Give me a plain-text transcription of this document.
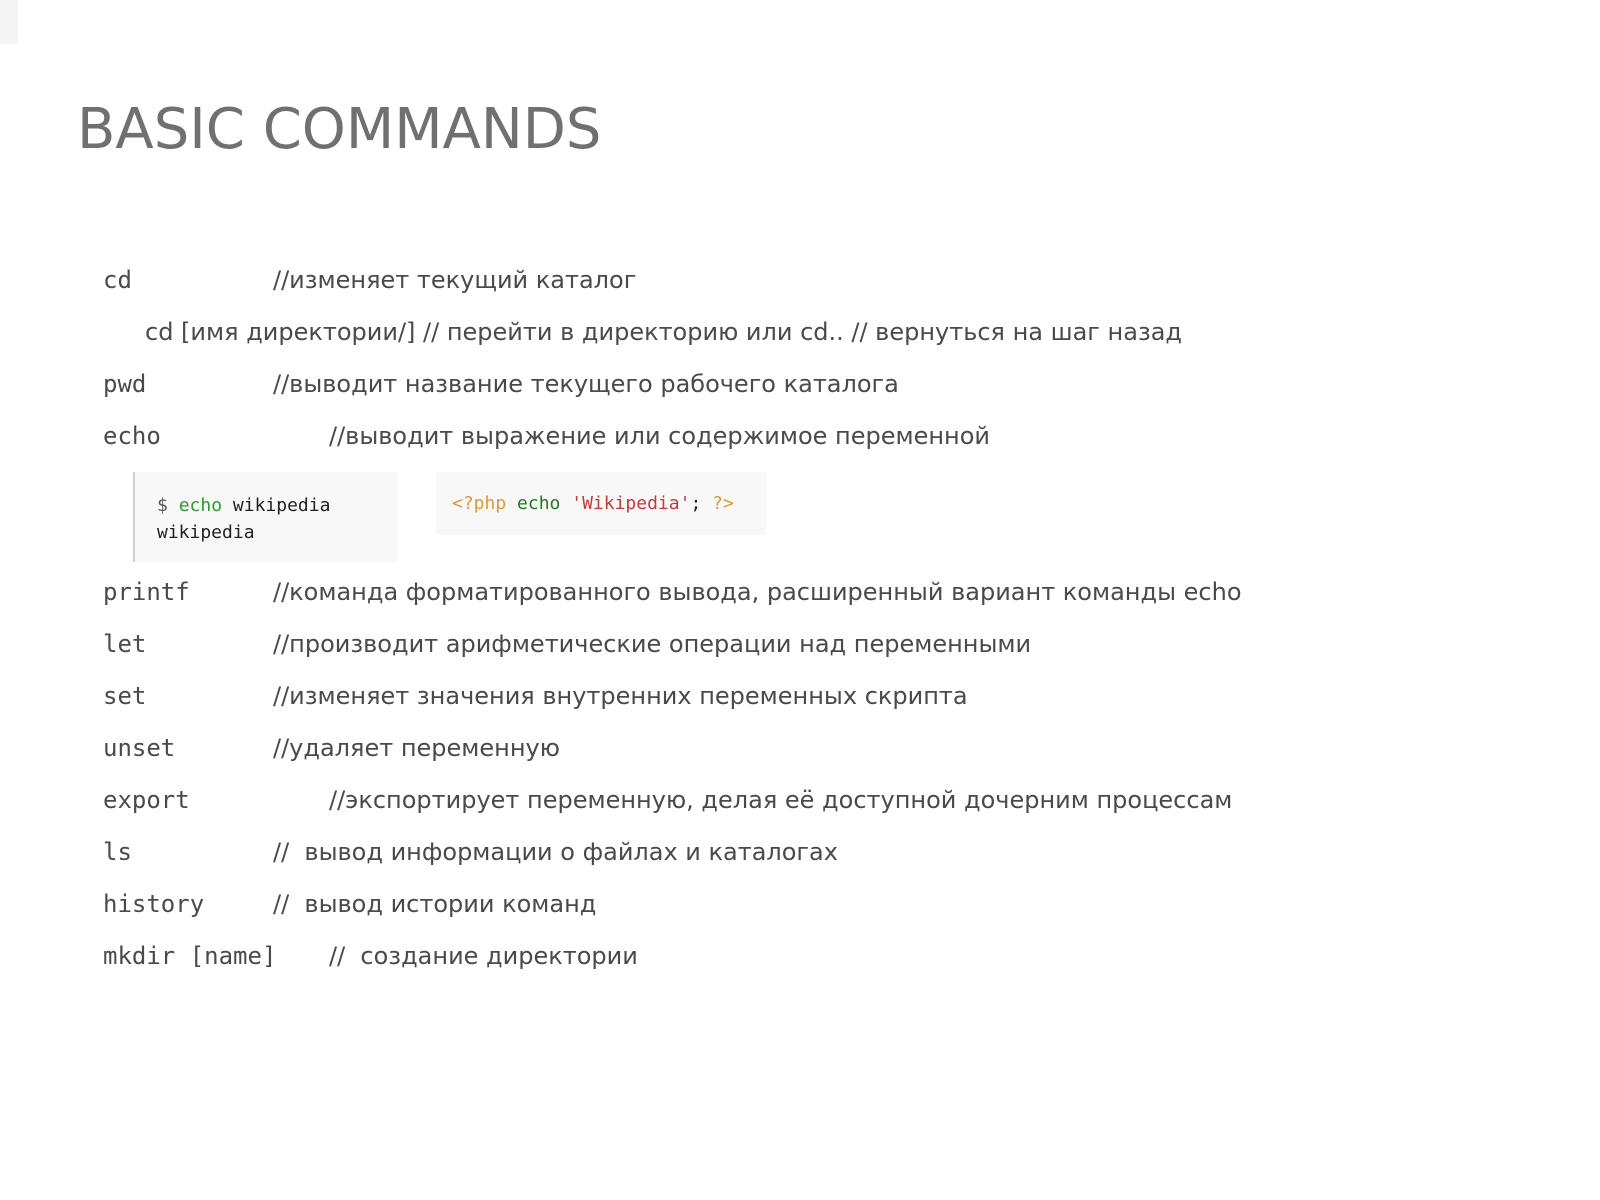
BASIC COMMANDS
cd	//изменяет текущий каталог
cd [имя директории/] // перейти в директорию или cd.. // вернуться на шаг назад
pwd	//выводит название текущего рабочего каталога
echo	//выводит выражение или содержимое переменной
$ echo wikipedia
wikipedia
<?php echo 'Wikipedia'; ?>
printf	//команда форматированного вывода, расширенный вариант команды echo
let	//производит арифметические операции над переменными
set	//изменяет значения внутренних переменных скрипта
unset	//удаляет переменную
export	//экспортирует переменную, делая её доступной дочерним процессам
ls	//  вывод информации о файлах и каталогах
history	//  вывод истории команд
mkdir [name] //  создание директории
